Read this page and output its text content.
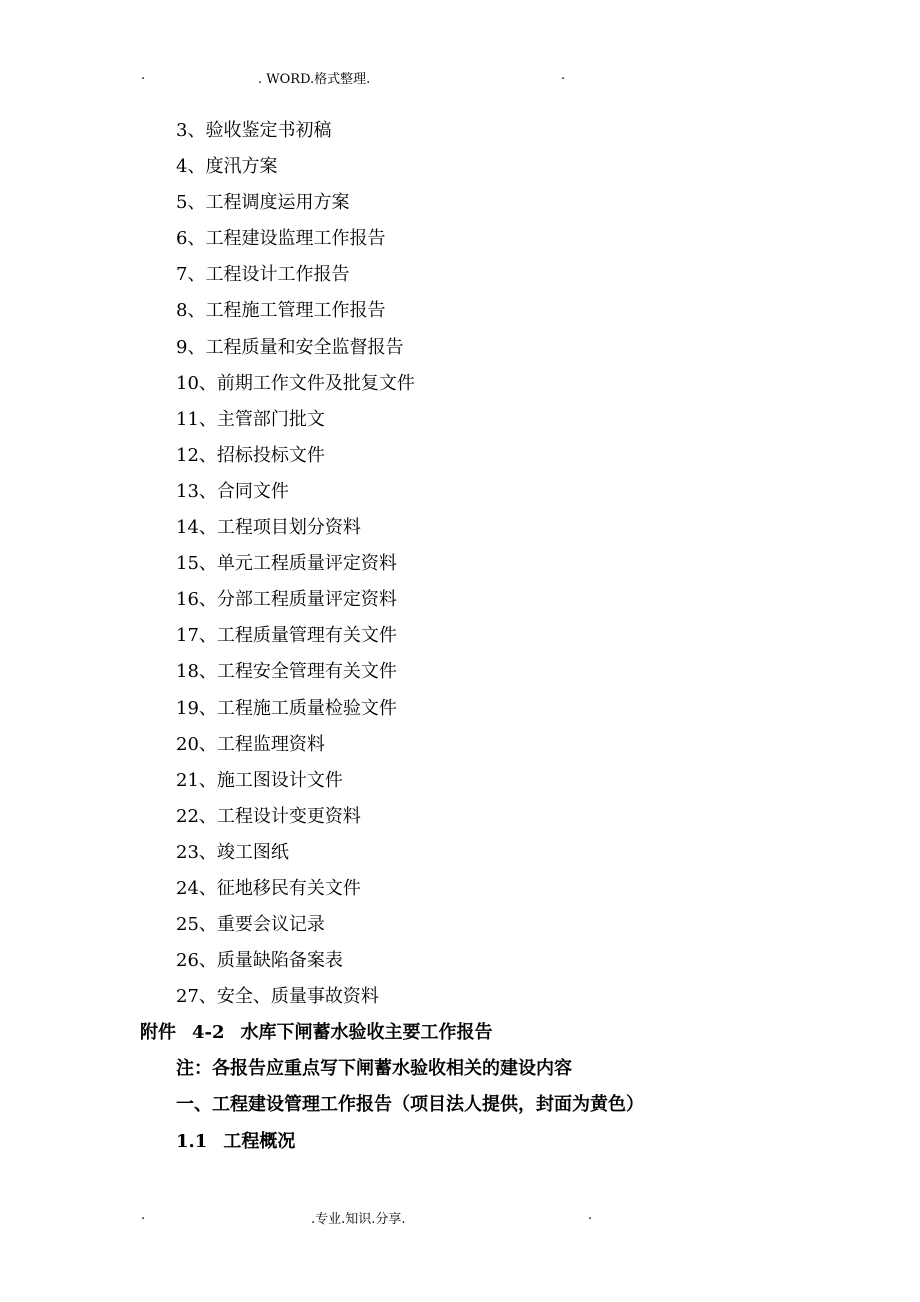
.	. WORD.格式整理.	.
3、验收鉴定书初稿
4、度汛方案
5、工程调度运用方案
6、工程建设监理工作报告
7、工程设计工作报告
8、工程施工管理工作报告
9、工程质量和安全监督报告
10、前期工作文件及批复文件
11、主管部门批文
12、招标投标文件
13、合同文件
14、工程项目划分资料
15、单元工程质量评定资料
16、分部工程质量评定资料
17、工程质量管理有关文件
18、工程安全管理有关文件
19、工程施工质量检验文件
20、工程监理资料
21、施工图设计文件
22、工程设计变更资料
23、竣工图纸
24、征地移民有关文件
25、重要会议记录
26、质量缺陷备案表
27、安全、质量事故资料
附件 4-2 水库下闸蓄水验收主要工作报告
注：各报告应重点写下闸蓄水验收相关的建设内容
一、工程建设管理工作报告（项目法人提供，封面为黄色）
1.1 工程概况
.	.专业.知识.分享.	.
